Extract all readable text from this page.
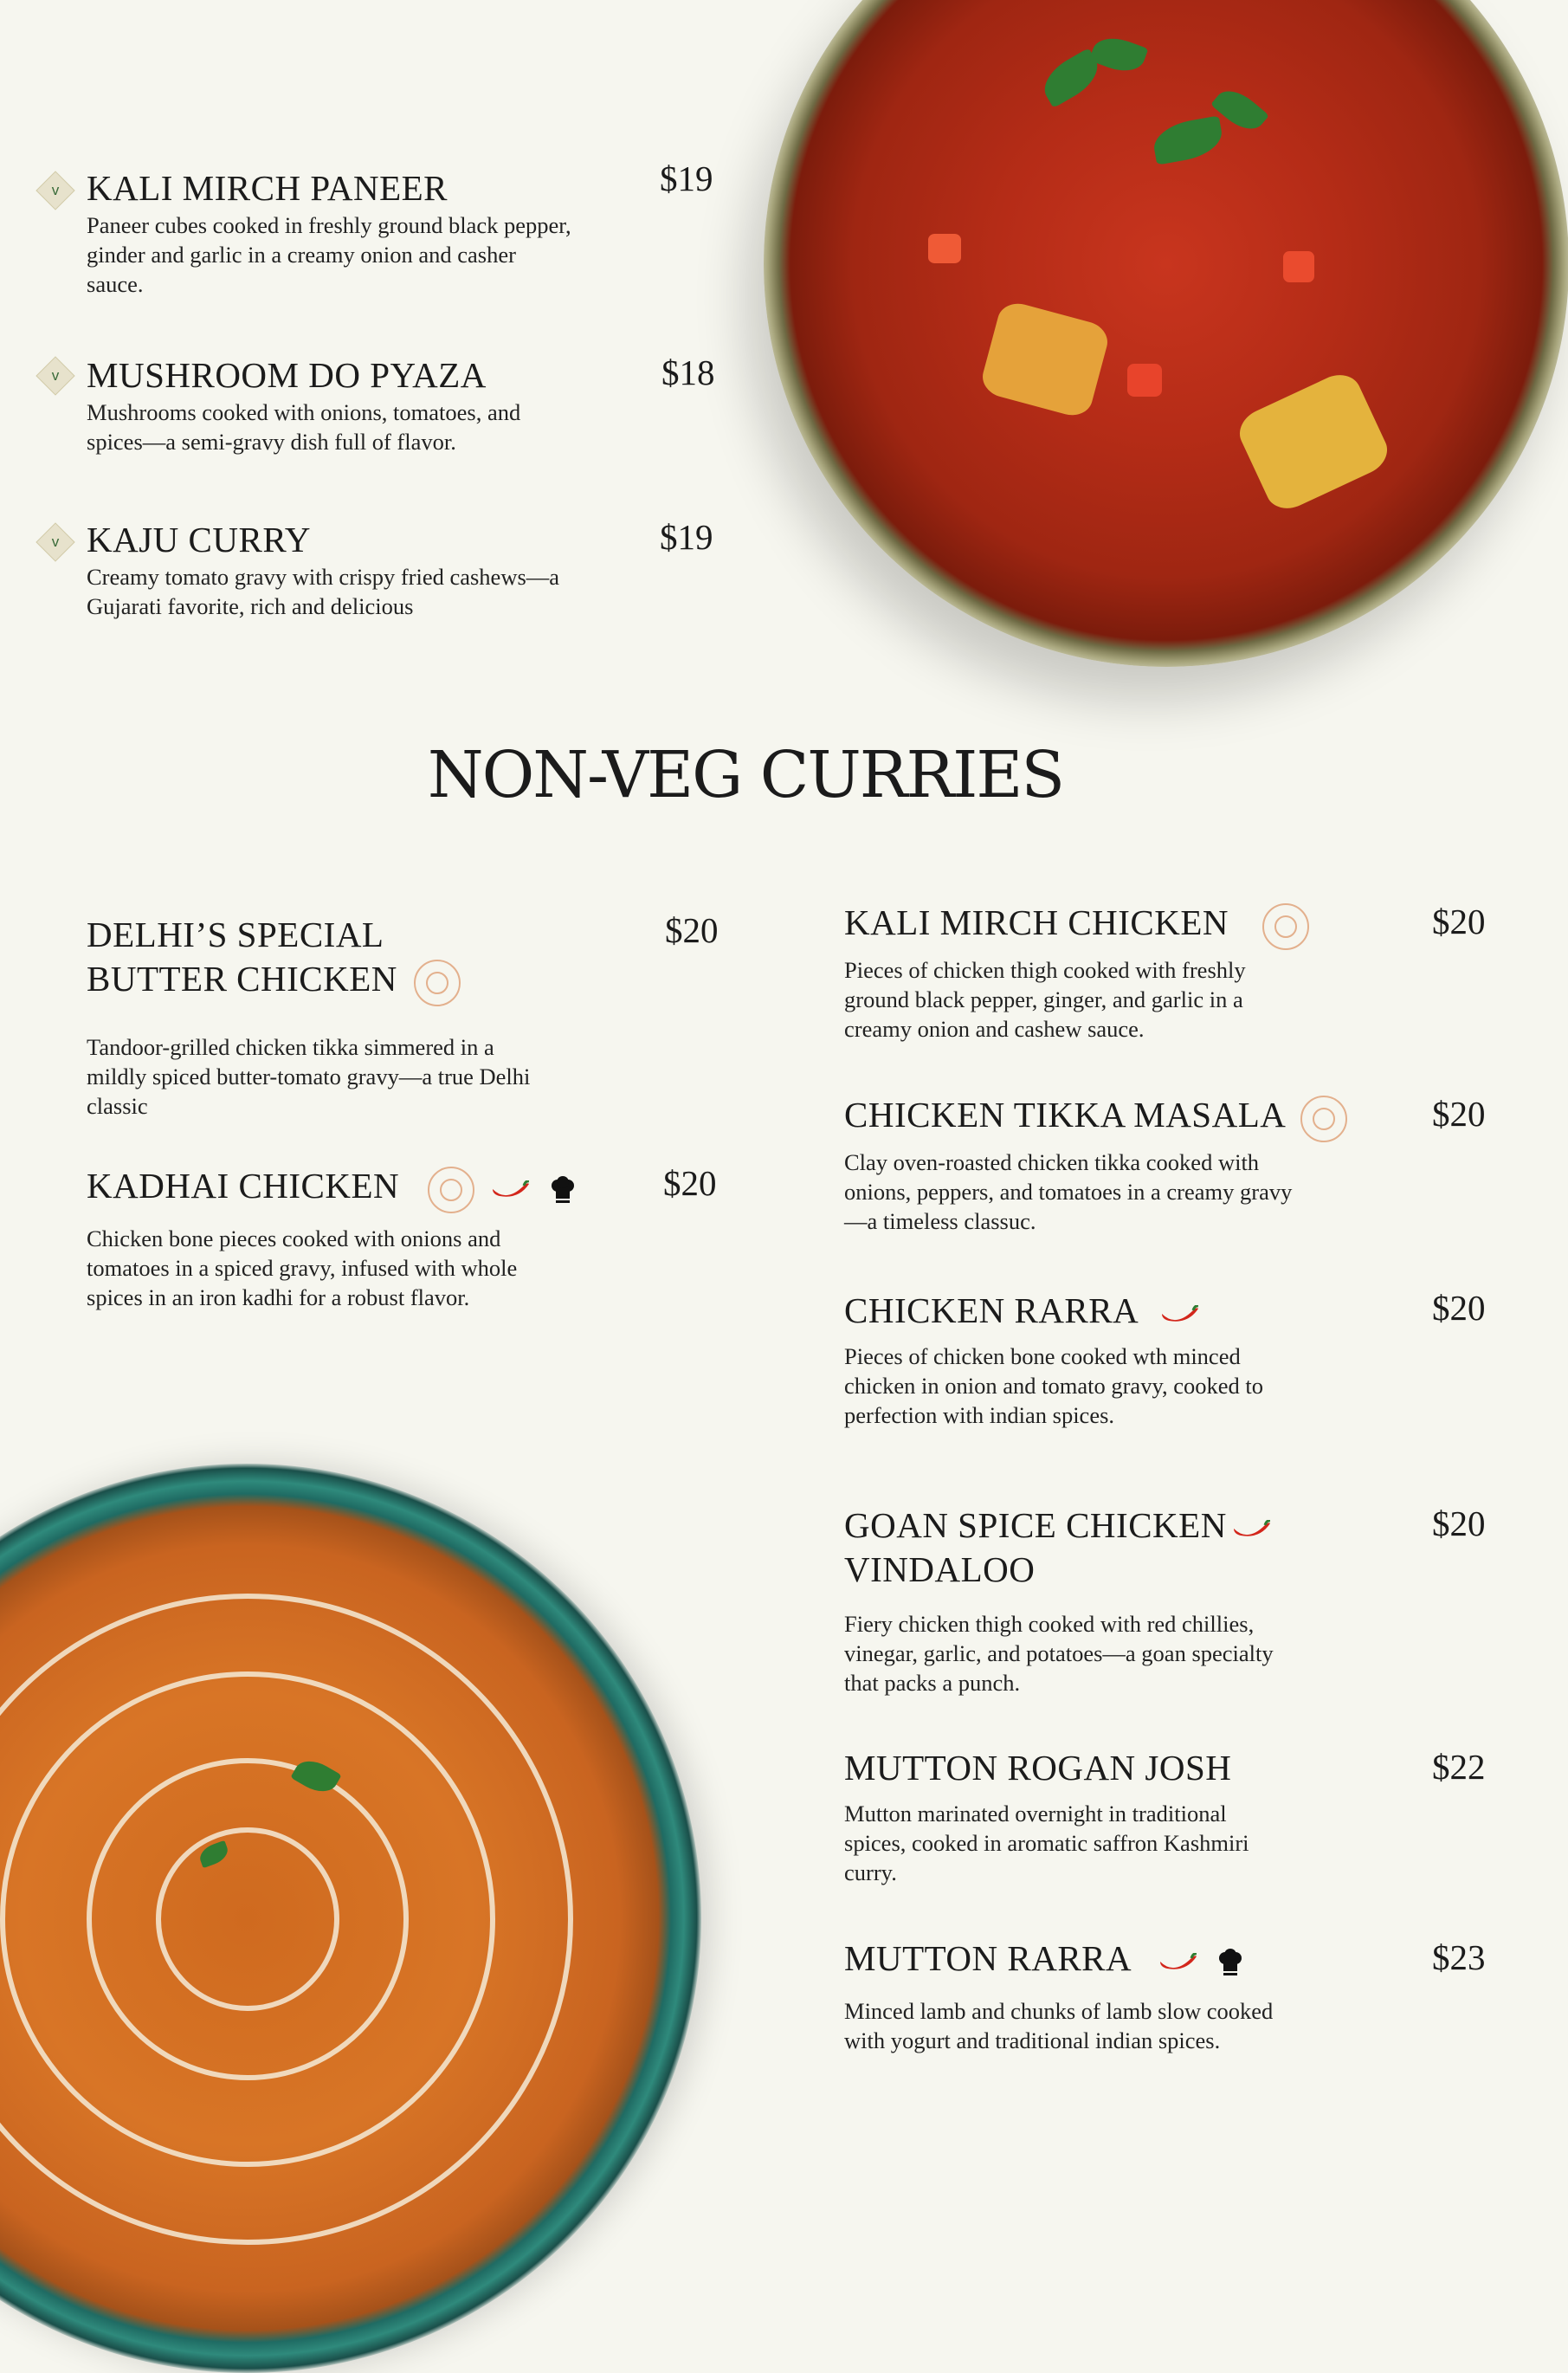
v KALI MIRCH PANEER

Paneer cubes cooked in freshly ground black pepper, ginder and garlic in a creamy onion and casher sauce.

$19
v MUSHROOM DO PYAZA

Mushrooms cooked with onions, tomatoes, and spices—a semi-gravy dish full of flavor.

$18
v KAJU CURRY

Creamy tomato gravy with crispy fried cashews—a Gujarati favorite, rich and delicious

$19
NON-VEG CURRIES
DELHI’S SPECIAL
BUTTER CHICKEN

Tandoor-grilled chicken tikka simmered in a mildly spiced butter-tomato gravy—a true Delhi classic

$20
KADHAI CHICKEN

Chicken bone pieces cooked with onions and tomatoes in a spiced gravy, infused with whole spices in an iron kadhi for a robust flavor.

$20
KALI MIRCH CHICKEN

Pieces of chicken thigh cooked with freshly ground black pepper, ginger, and garlic in a creamy onion and cashew sauce.

$20
CHICKEN TIKKA MASALA

Clay oven-roasted chicken tikka cooked with onions, peppers, and tomatoes in a creamy gravy—a timeless classuc.

$20
CHICKEN RARRA

Pieces of chicken bone cooked wth minced chicken in onion and tomato gravy, cooked to perfection with indian spices.

$20
GOAN SPICE CHICKEN
VINDALOO

Fiery chicken thigh cooked with red chillies, vinegar, garlic, and potatoes—a goan specialty that packs a punch.

$20
MUTTON ROGAN JOSH

Mutton marinated overnight in traditional spices, cooked in aromatic saffron Kashmiri curry.

$22
MUTTON RARRA

Minced lamb and chunks of lamb slow cooked with yogurt and traditional indian spices.

$23
